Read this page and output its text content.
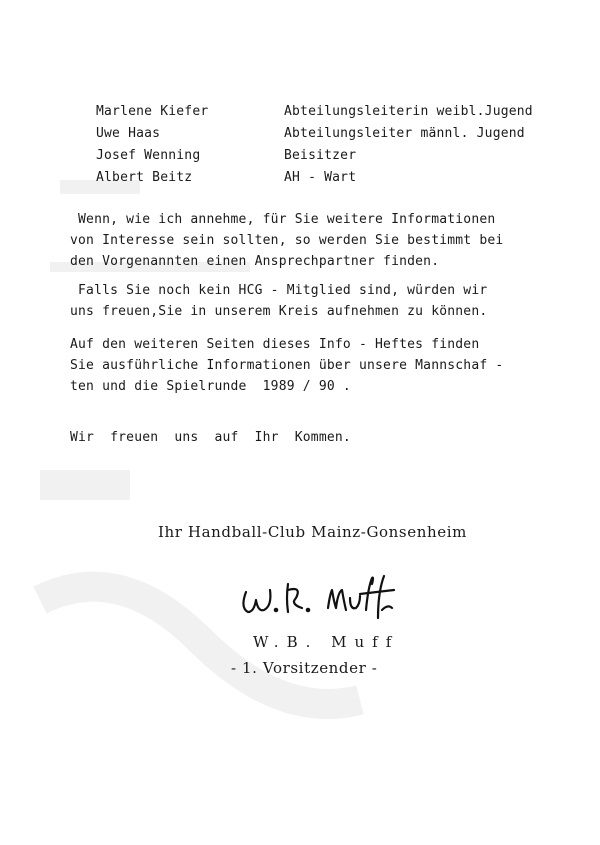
Marlene Kiefer	Abteilungsleiterin weibl.Jugend
Uwe Haas	Abteilungsleiter männl. Jugend
Josef Wenning	Beisitzer
Albert Beitz	AH - Wart
Wenn, wie ich annehme, für Sie weitere Informationen
von Interesse sein sollten, so werden Sie bestimmt bei
den Vorgenannten einen Ansprechpartner finden.
Falls Sie noch kein HCG - Mitglied sind, würden wir
uns freuen,Sie in unserem Kreis aufnehmen zu können.
Auf den weiteren Seiten dieses Info - Heftes finden
Sie ausführliche Informationen über unsere Mannschaf -
ten und die Spielrunde  1989 / 90 .
Wir  freuen  uns  auf  Ihr  Kommen.
Ihr Handball-Club Mainz-Gonsenheim
W.B. Muff
- 1. Vorsitzender -
